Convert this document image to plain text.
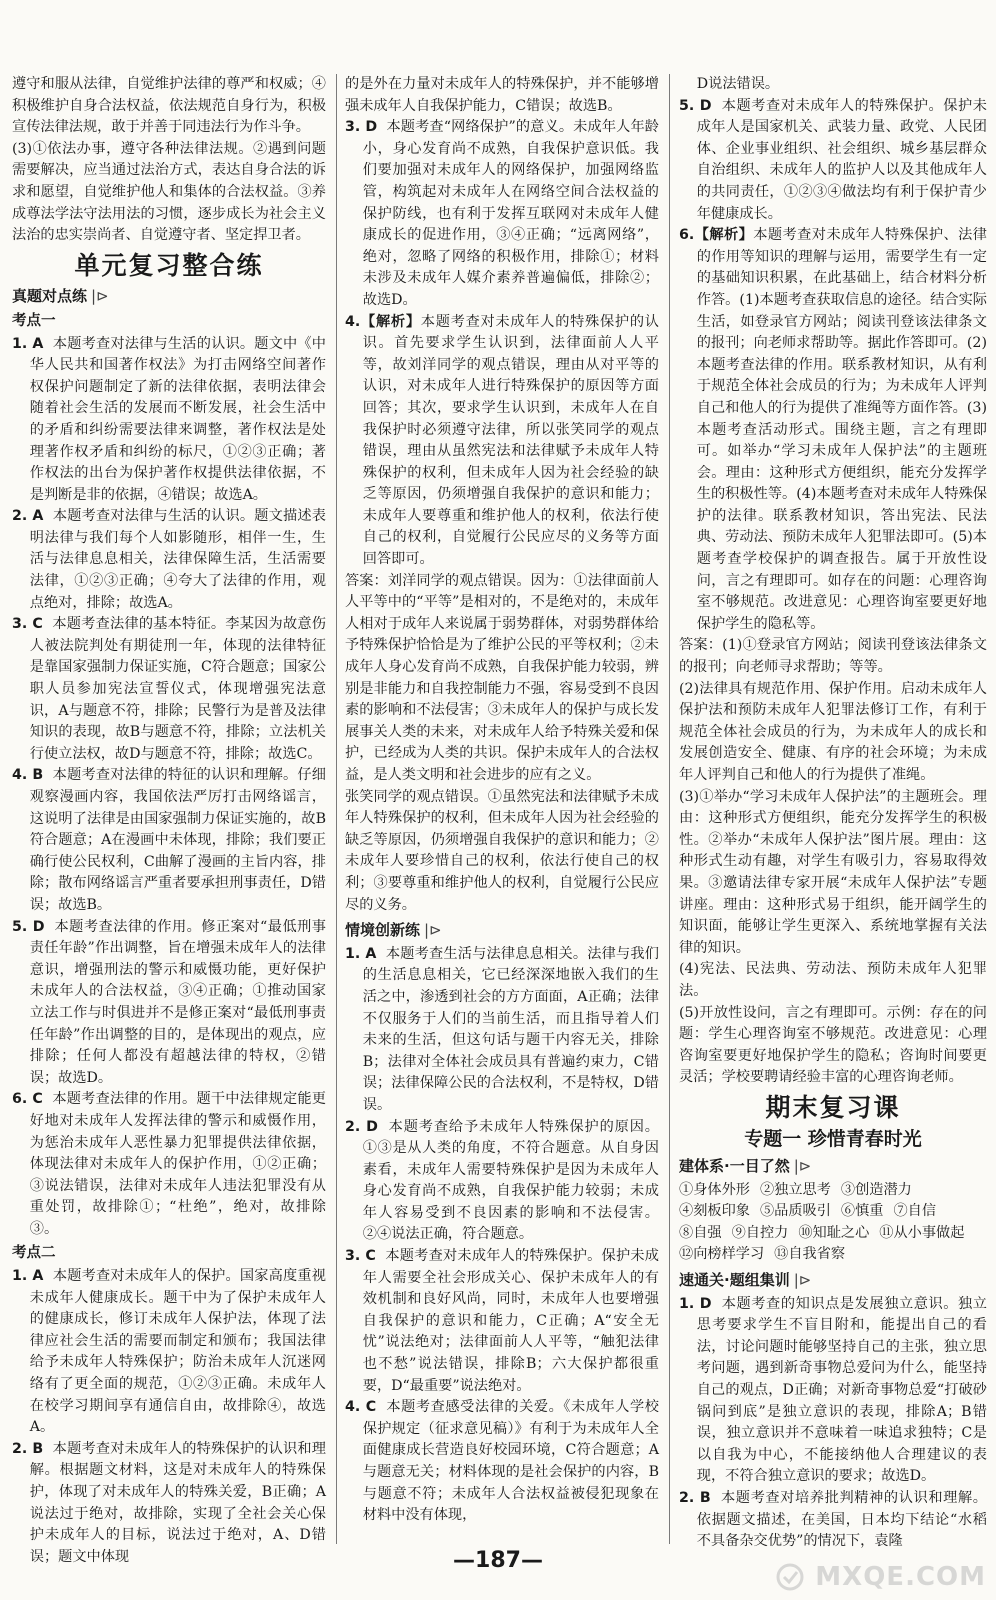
遵守和服从法律，自觉维护法律的尊严和权威；④积极维护自身合法权益，依法规范自身行为，积极宣传法律法规，敢于并善于同违法行为作斗争。

(3)①依法办事，遵守各种法律法规。②遇到问题需要解决，应当通过法治方式，表达自身合法的诉求和愿望，自觉维护他人和集体的合法权益。③养成尊法学法守法用法的习惯，逐步成长为社会主义法治的忠实崇尚者、自觉遵守者、坚定捍卫者。

单元复习整合练
真题对点练 |⊳
考点一

1. A 本题考查对法律与生活的认识。题文中《中华人民共和国著作权法》为打击网络空间著作权保护问题制定了新的法律依据，表明法律会随着社会生活的发展而不断发展，社会生活中的矛盾和纠纷需要法律来调整，著作权法是处理著作权矛盾和纠纷的标尺，①②③正确；著作权法的出台为保护著作权提供法律依据，不是判断是非的依据，④错误；故选A。

2. A 本题考查对法律与生活的认识。题文描述表明法律与我们每个人如影随形，相伴一生，生活与法律息息相关，法律保障生活，生活需要法律，①②③正确；④夸大了法律的作用，观点绝对，排除；故选A。

3. C 本题考查法律的基本特征。李某因为故意伤人被法院判处有期徒刑一年，体现的法律特征是靠国家强制力保证实施，C符合题意；国家公职人员参加宪法宣誓仪式，体现增强宪法意识，A与题意不符，排除；民警行为是普及法律知识的表现，故B与题意不符，排除；立法机关行使立法权，故D与题意不符，排除；故选C。

4. B 本题考查对法律的特征的认识和理解。仔细观察漫画内容，我国依法严厉打击网络谣言，这说明了法律是由国家强制力保证实施的，故B符合题意；A在漫画中未体现，排除；我们要正确行使公民权利，C曲解了漫画的主旨内容，排除；散布网络谣言严重者要承担刑事责任，D错误；故选B。

5. D 本题考查法律的作用。修正案对“最低刑事责任年龄”作出调整，旨在增强未成年人的法律意识，增强刑法的警示和威慑功能，更好保护未成年人的合法权益，③④正确；①推动国家立法工作与时俱进并不是修正案对“最低刑事责任年龄”作出调整的目的，是体现出的观点，应排除；任何人都没有超越法律的特权，②错误；故选D。

6. C 本题考查法律的作用。题干中法律规定能更好地对未成年人发挥法律的警示和威慑作用，为惩治未成年人恶性暴力犯罪提供法律依据，体现法律对未成年人的保护作用，①②正确；③说法错误，法律对未成年人违法犯罪没有从重处罚，故排除①；“杜绝”，绝对，故排除③。

考点二

1. A 本题考查对未成年人的保护。国家高度重视未成年人健康成长。题干中为了保护未成年人的健康成长，修订未成年人保护法，体现了法律应社会生活的需要而制定和颁布；我国法律给予未成年人特殊保护；防治未成年人沉迷网络有了更全面的规范，①②③正确。未成年人在校学习期间享有通信自由，故排除④，故选A。

2. B 本题考查对未成年人的特殊保护的认识和理解。根据题文材料，这是对未成年人的特殊保护，体现了对未成年人的特殊关爱，B正确；A说法过于绝对，故排除，实现了全社会关心保护未成年人的目标，说法过于绝对，A、D错误；题文中体现

的是外在力量对未成年人的特殊保护，并不能够增强未成年人自我保护能力，C错误；故选B。

3. D 本题考查“网络保护”的意义。未成年人年龄小，身心发育尚不成熟，自我保护意识低。我们要加强对未成年人的网络保护，加强网络监管，构筑起对未成年人在网络空间合法权益的保护防线，也有利于发挥互联网对未成年人健康成长的促进作用，③④正确；“远离网络”，绝对，忽略了网络的积极作用，排除①；材料未涉及未成年人媒介素养普遍偏低，排除②；故选D。

4.【解析】本题考查对未成年人的特殊保护的认识。首先要求学生认识到，法律面前人人平等，故刘洋同学的观点错误，理由从对平等的认识，对未成年人进行特殊保护的原因等方面回答；其次，要求学生认识到，未成年人在自我保护时必须遵守法律，所以张笑同学的观点错误，理由从虽然宪法和法律赋予未成年人特殊保护的权利，但未成年人因为社会经验的缺乏等原因，仍须增强自我保护的意识和能力；未成年人要尊重和维护他人的权利，依法行使自己的权利，自觉履行公民应尽的义务等方面回答即可。

答案：刘洋同学的观点错误。因为：①法律面前人人平等中的“平等”是相对的，不是绝对的，未成年人相对于成年人来说属于弱势群体，对弱势群体给予特殊保护恰恰是为了维护公民的平等权利；②未成年人身心发育尚不成熟，自我保护能力较弱，辨别是非能力和自我控制能力不强，容易受到不良因素的影响和不法侵害；③未成年人的保护与成长发展事关人类的未来，对未成年人给予特殊关爱和保护，已经成为人类的共识。保护未成年人的合法权益，是人类文明和社会进步的应有之义。

张笑同学的观点错误。①虽然宪法和法律赋予未成年人特殊保护的权利，但未成年人因为社会经验的缺乏等原因，仍须增强自我保护的意识和能力；②未成年人要珍惜自己的权利，依法行使自己的权利；③要尊重和维护他人的权利，自觉履行公民应尽的义务。

情境创新练 |⊳

1. A 本题考查生活与法律息息相关。法律与我们的生活息息相关，它已经深深地嵌入我们的生活之中，渗透到社会的方方面面，A正确；法律不仅服务于人们的当前生活，而且指导着人们未来的生活，但这句话与题干内容无关，排除B；法律对全体社会成员具有普遍约束力，C错误；法律保障公民的合法权利，不是特权，D错误。

2. D 本题考查给予未成年人特殊保护的原因。①③是从人类的角度，不符合题意。从自身因素看，未成年人需要特殊保护是因为未成年人身心发育尚不成熟，自我保护能力较弱；未成年人容易受到不良因素的影响和不法侵害。②④说法正确，符合题意。

3. C 本题考查对未成年人的特殊保护。保护未成年人需要全社会形成关心、保护未成年人的有效机制和良好风尚，同时，未成年人也要增强自我保护的意识和能力，C正确；A“安全无忧”说法绝对；法律面前人人平等，“触犯法律也不愁”说法错误，排除B；六大保护都很重要，D“最重要”说法绝对。

4. C 本题考查感受法律的关爱。《未成年人学校保护规定（征求意见稿）》有利于为未成年人全面健康成长营造良好校园环境，C符合题意；A与题意无关；材料体现的是社会保护的内容，B与题意不符；未成年人合法权益被侵犯现象在材料中没有体现，

D说法错误。

5. D 本题考查对未成年人的特殊保护。保护未成年人是国家机关、武装力量、政党、人民团体、企业事业组织、社会组织、城乡基层群众自治组织、未成年人的监护人以及其他成年人的共同责任，①②③④做法均有利于保护青少年健康成长。

6.【解析】本题考查对未成年人特殊保护、法律的作用等知识的理解与运用，需要学生有一定的基础知识积累，在此基础上，结合材料分析作答。(1)本题考查获取信息的途径。结合实际生活，如登录官方网站；阅读刊登该法律条文的报刊；向老师求帮助等。据此作答即可。(2)本题考查法律的作用。联系教材知识，从有利于规范全体社会成员的行为；为未成年人评判自己和他人的行为提供了准绳等方面作答。(3)本题考查活动形式。围绕主题，言之有理即可。如举办“学习未成年人保护法”的主题班会。理由：这种形式方便组织，能充分发挥学生的积极性等。(4)本题考查对未成年人特殊保护的法律。联系教材知识，答出宪法、民法典、劳动法、预防未成年人犯罪法即可。(5)本题考查学校保护的调查报告。属于开放性设问，言之有理即可。如存在的问题：心理咨询室不够规范。改进意见：心理咨询室要更好地保护学生的隐私等。

答案：(1)①登录官方网站；阅读刊登该法律条文的报刊；向老师寻求帮助；等等。

(2)法律具有规范作用、保护作用。启动未成年人保护法和预防未成年人犯罪法修订工作，有利于规范全体社会成员的行为，为未成年人的成长和发展创造安全、健康、有序的社会环境；为未成年人评判自己和他人的行为提供了准绳。

(3)①举办“学习未成年人保护法”的主题班会。理由：这种形式方便组织，能充分发挥学生的积极性。②举办“未成年人保护法”图片展。理由：这种形式生动有趣，对学生有吸引力，容易取得效果。③邀请法律专家开展“未成年人保护法”专题讲座。理由：这种形式易于组织，能开阔学生的知识面，能够让学生更深入、系统地掌握有关法律的知识。

(4)宪法、民法典、劳动法、预防未成年人犯罪法。

(5)开放性设问，言之有理即可。示例：存在的问题：学生心理咨询室不够规范。改进意见：心理咨询室要更好地保护学生的隐私；咨询时间要更灵活；学校要聘请经验丰富的心理咨询老师。

期末复习课
专题一 珍惜青春时光
建体系·一目了然 |⊳
①身体外形 ②独立思考 ③创造潜力
④刻板印象 ⑤品质吸引 ⑥慎重 ⑦自信
⑧自强 ⑨自控力 ⑩知耻之心 ⑪从小事做起
⑫向榜样学习 ⑬自我省察
速通关·题组集训 |⊳

1. D 本题考查的知识点是发展独立意识。独立思考要求学生不盲目附和，能提出自己的看法，讨论问题时能够坚持自己的主张，独立思考问题，遇到新奇事物总爱问为什么，能坚持自己的观点，D正确；对新奇事物总爱“打破砂锅问到底”是独立意识的表现，排除A；B错误，独立意识并不意味着一味追求独特；C是以自我为中心，不能接纳他人合理建议的表现，不符合独立意识的要求；故选D。

2. B 本题考查对培养批判精神的认识和理解。依据题文描述，在美国，日本均下结论“水稻不具备杂交优势”的情况下，袁隆

—187—
MXQE.COM
